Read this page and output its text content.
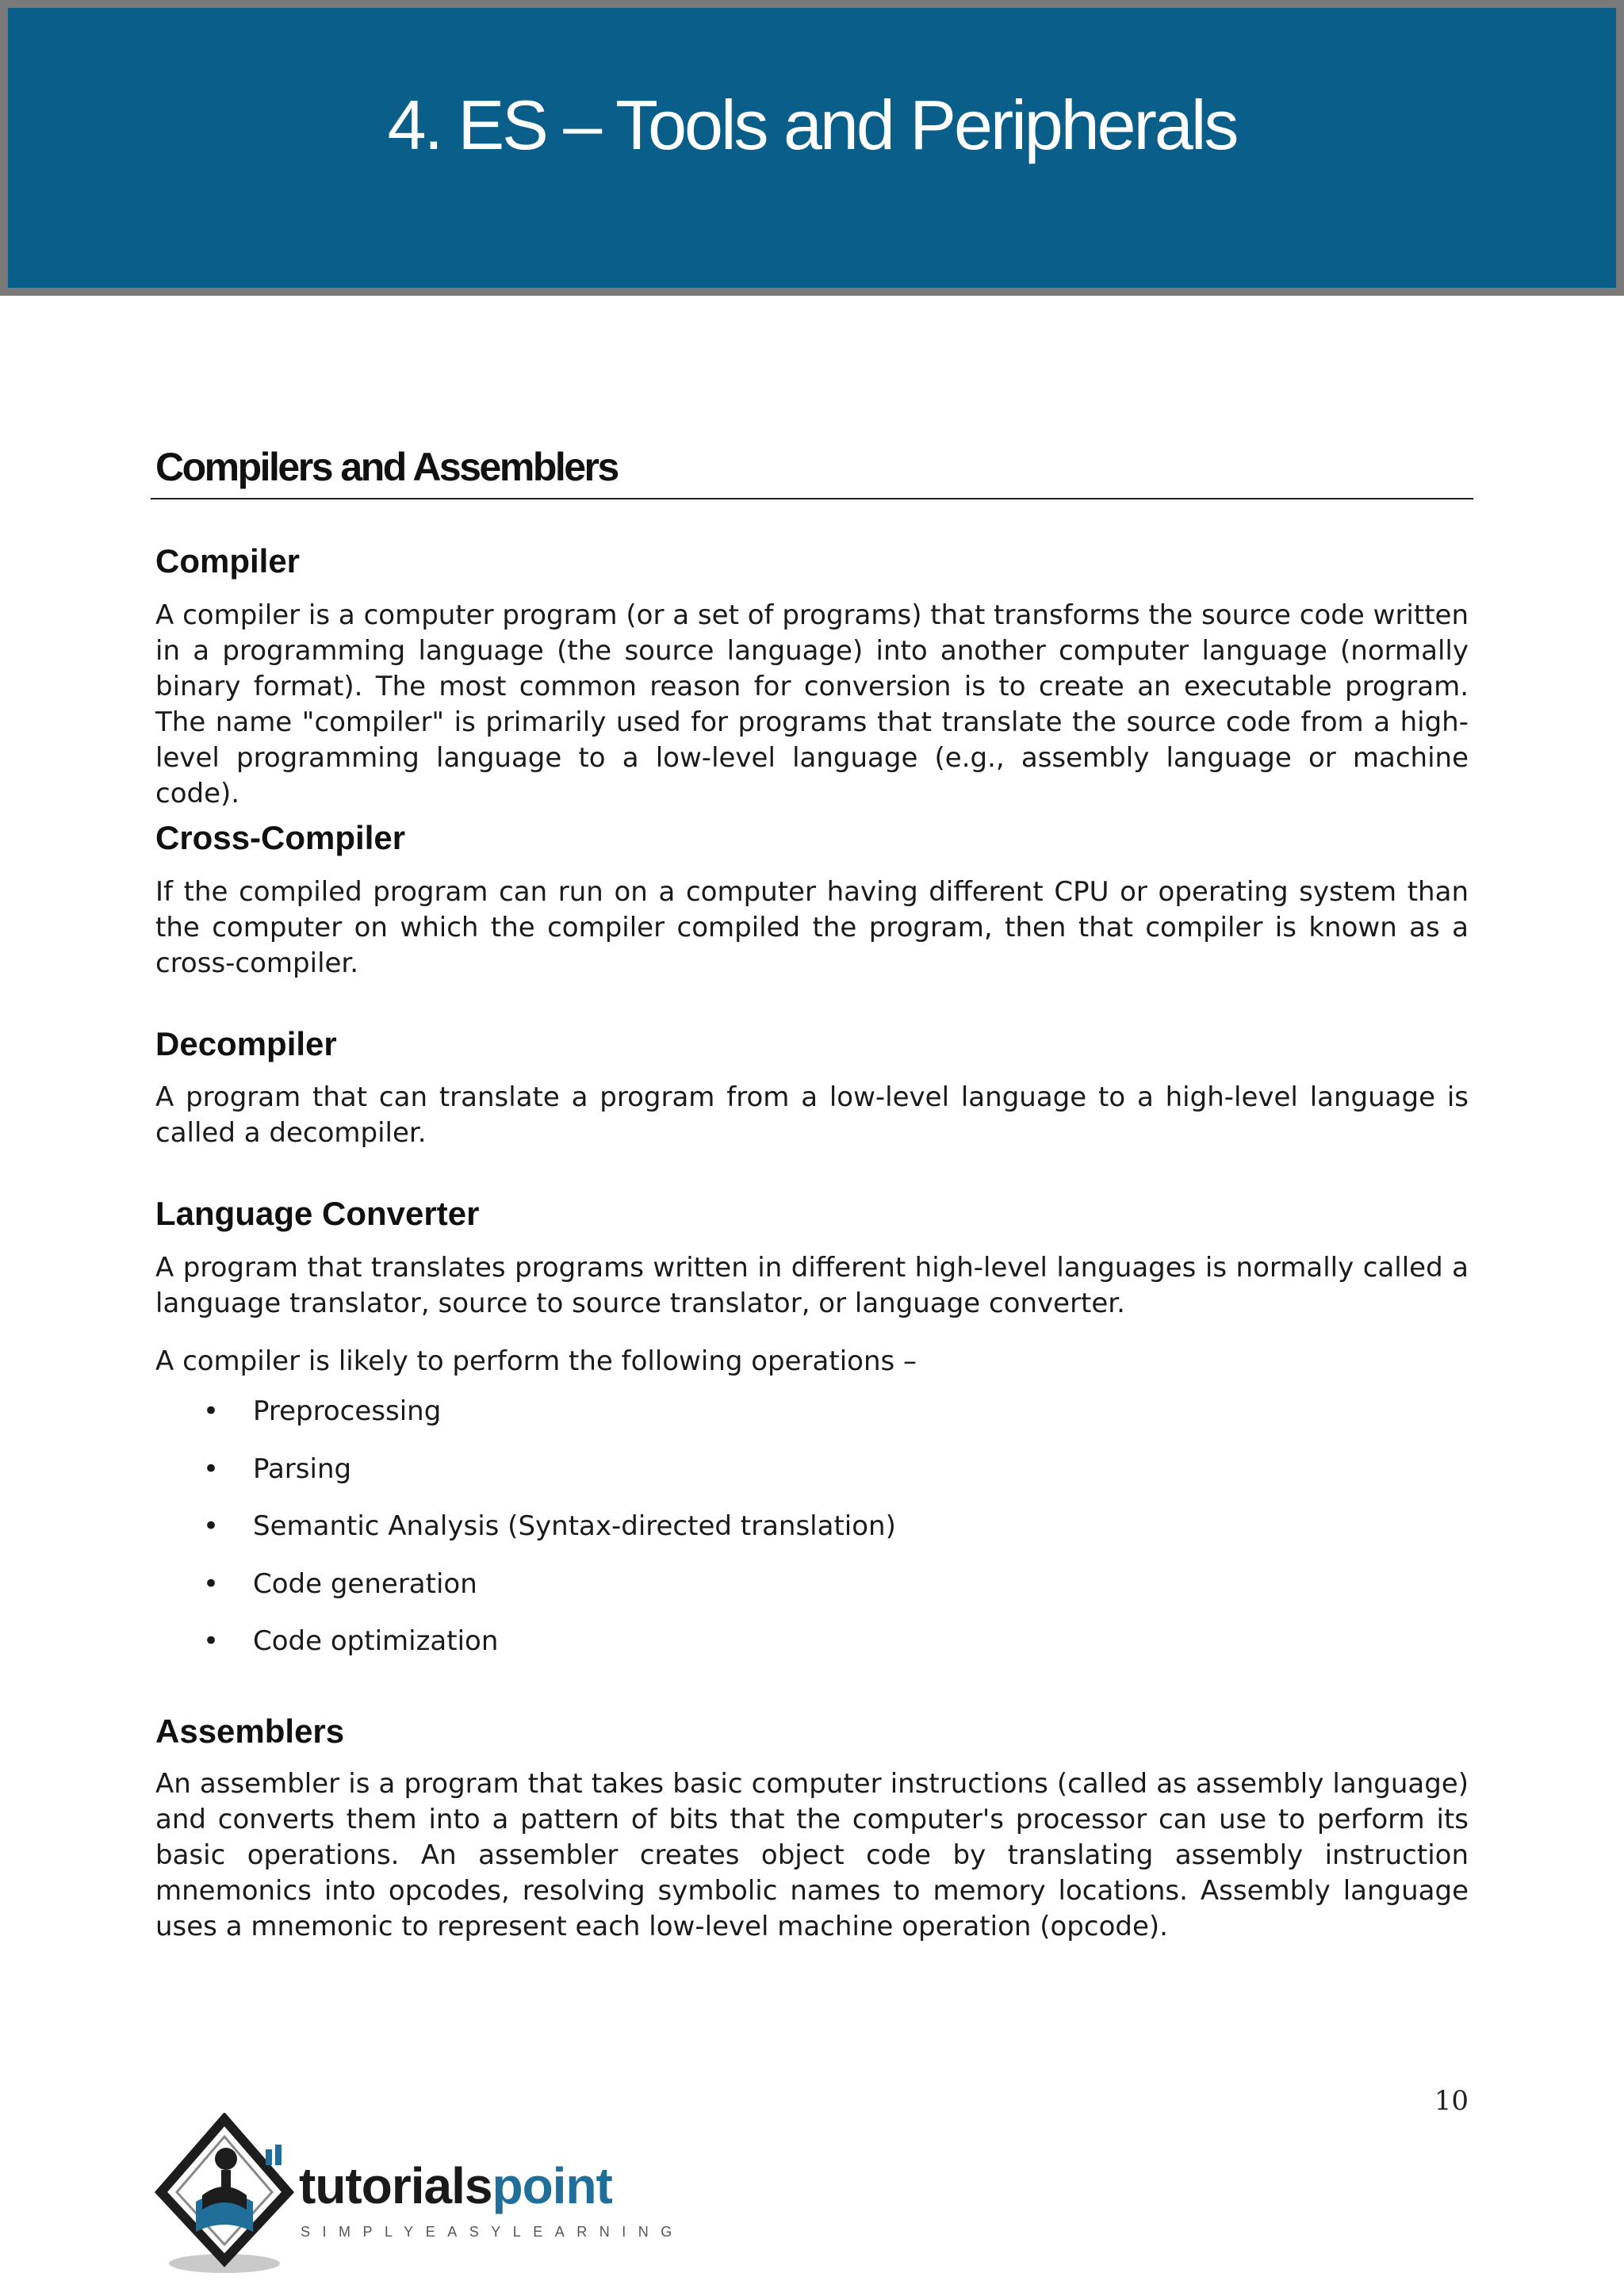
4. ES – Tools and Peripherals
Compilers and Assemblers
Compiler

A compiler is a computer program (or a set of programs) that transforms the source code written in a programming language (the source language) into another computer language (normally binary format). The most common reason for conversion is to create an executable program. The name "compiler" is primarily used for programs that translate the source code from a high-level programming language to a low-level language (e.g., assembly language or machine code).

Cross-Compiler

If the compiled program can run on a computer having different CPU or operating system than the computer on which the compiler compiled the program, then that compiler is known as a cross-compiler.

Decompiler

A program that can translate a program from a low-level language to a high-level language is called a decompiler.

Language Converter

A program that translates programs written in different high-level languages is normally called a language translator, source to source translator, or language converter.

A compiler is likely to perform the following operations –

• Preprocessing
• Parsing
• Semantic Analysis (Syntax-directed translation)
• Code generation
• Code optimization
Assemblers

An assembler is a program that takes basic computer instructions (called as assembly language) and converts them into a pattern of bits that the computer's processor can use to perform its basic operations. An assembler creates object code by translating assembly instruction mnemonics into opcodes, resolving symbolic names to memory locations. Assembly language uses a mnemonic to represent each low-level machine operation (opcode).

10
tutorialspoint
SIMPLYEASYLEARNING
